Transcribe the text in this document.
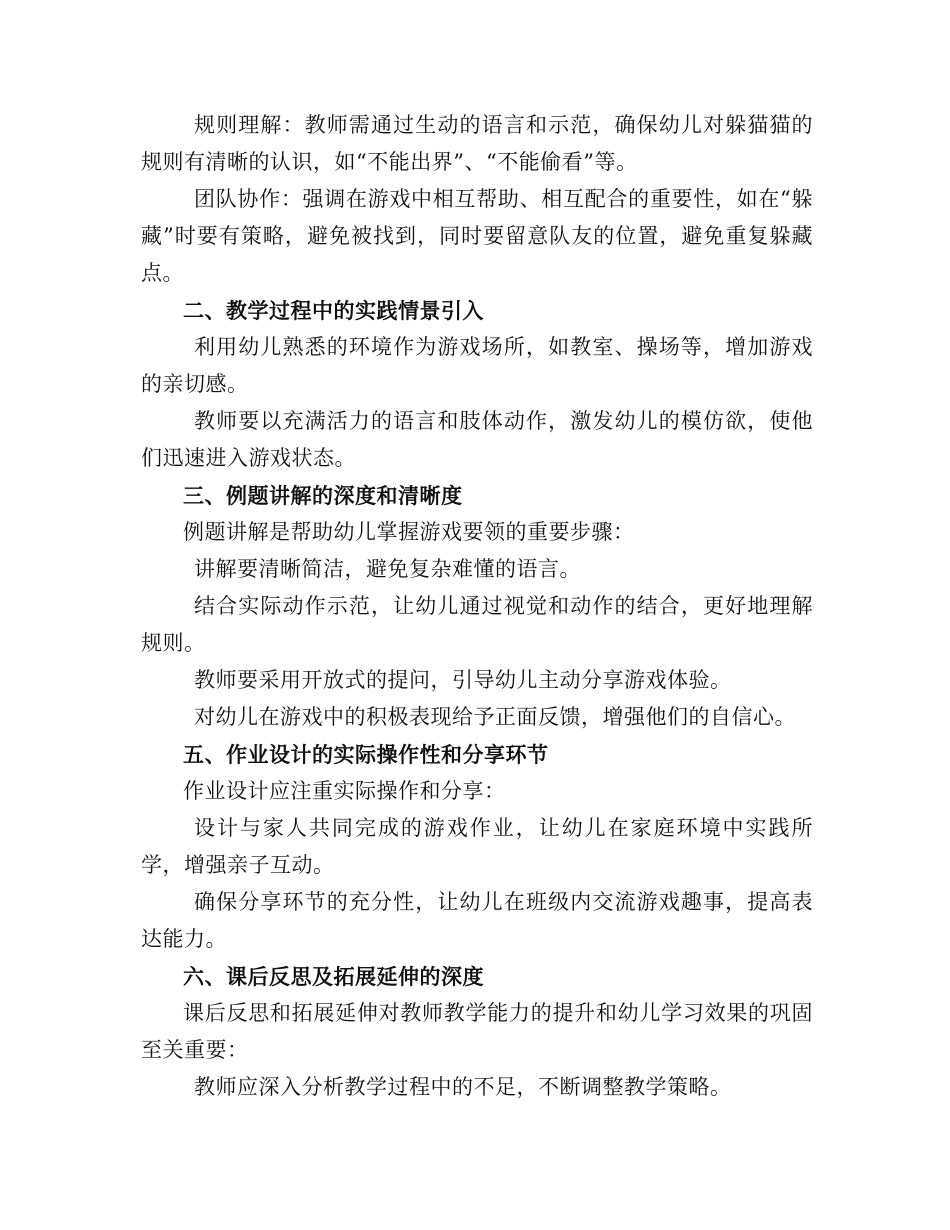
规则理解：教师需通过生动的语言和示范，确保幼儿对躲猫猫的规则有清晰的认识，如“不能出界”、“不能偷看”等。

团队协作：强调在游戏中相互帮助、相互配合的重要性，如在“躲藏”时要有策略，避免被找到，同时要留意队友的位置，避免重复躲藏点。

二、教学过程中的实践情景引入

利用幼儿熟悉的环境作为游戏场所，如教室、操场等，增加游戏的亲切感。

教师要以充满活力的语言和肢体动作，激发幼儿的模仿欲，使他们迅速进入游戏状态。

三、例题讲解的深度和清晰度

例题讲解是帮助幼儿掌握游戏要领的重要步骤：

讲解要清晰简洁，避免复杂难懂的语言。

结合实际动作示范，让幼儿通过视觉和动作的结合，更好地理解规则。

教师要采用开放式的提问，引导幼儿主动分享游戏体验。

对幼儿在游戏中的积极表现给予正面反馈，增强他们的自信心。

五、作业设计的实际操作性和分享环节

作业设计应注重实际操作和分享：

设计与家人共同完成的游戏作业，让幼儿在家庭环境中实践所学，增强亲子互动。

确保分享环节的充分性，让幼儿在班级内交流游戏趣事，提高表达能力。

六、课后反思及拓展延伸的深度

课后反思和拓展延伸对教师教学能力的提升和幼儿学习效果的巩固至关重要：

教师应深入分析教学过程中的不足，不断调整教学策略。
